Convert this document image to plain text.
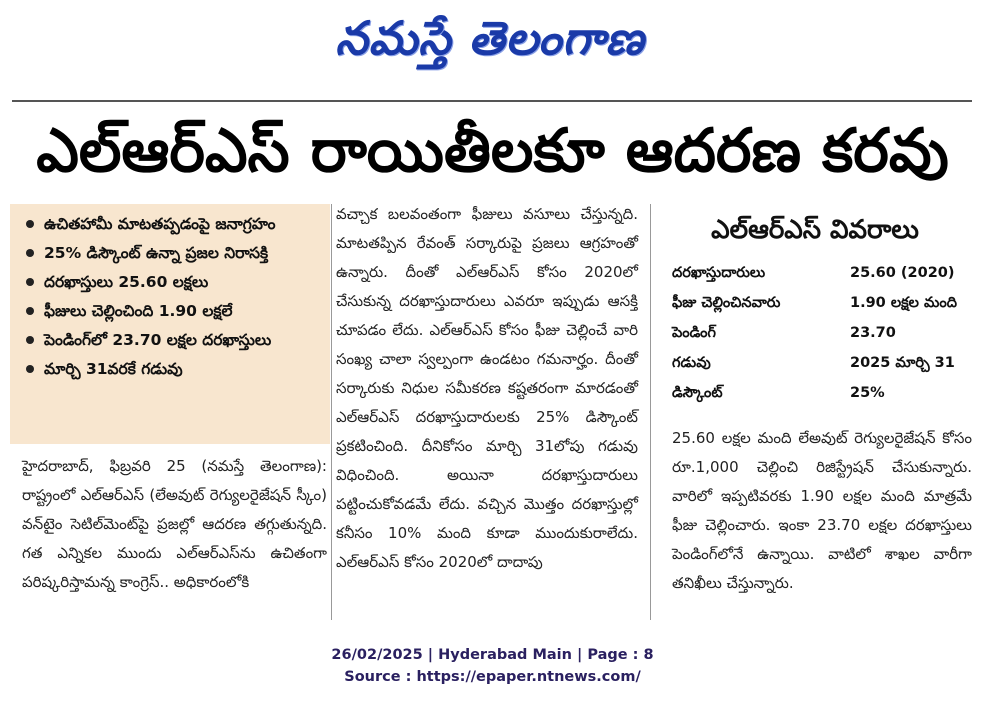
నమస్తే తెలంగాణ
ఎల్‌ఆర్‌ఎస్ రాయితీలకూ ఆదరణ కరవు
ఉచితహామీ మాటతప్పడంపై జనాగ్రహం
25% డిస్కౌంట్ ఉన్నా ప్రజల నిరాసక్తి
దరఖాస్తులు 25.60 లక్షలు
ఫీజులు చెల్లించింది 1.90 లక్షలే
పెండింగ్‌లో 23.70 లక్షల దరఖాస్తులు
మార్చి 31వరకే గడువు

హైదరాబాద్, ఫిబ్రవరి 25 (నమస్తే తెలంగాణ): రాష్ట్రంలో ఎల్‌ఆర్‌ఎస్ (లేఅవుట్ రెగ్యులరైజేషన్ స్కీం) వన్‌టైం సెటిల్‌మెంట్‌పై ప్రజల్లో ఆదరణ తగ్గుతున్నది. గత ఎన్నికల ముందు ఎల్‌ఆర్‌ఎస్‌ను ఉచితంగా పరిష్కరిస్తామన్న కాంగ్రెస్.. అధికారంలోకి

వచ్చాక బలవంతంగా ఫీజులు వసూలు చేస్తున్నది. మాటతప్పిన రేవంత్ సర్కారుపై ప్రజలు ఆగ్రహంతో ఉన్నారు. దీంతో ఎల్‌ఆర్‌ఎస్ కోసం 2020లో చేసుకున్న దరఖాస్తుదారులు ఎవరూ ఇప్పుడు ఆసక్తి చూపడం లేదు. ఎల్‌ఆర్‌ఎస్ కోసం ఫీజు చెల్లించే వారి సంఖ్య చాలా స్వల్పంగా ఉండటం గమనార్హం. దీంతో సర్కారుకు నిధుల సమీకరణ కష్టతరంగా మారడంతో ఎల్‌ఆర్‌ఎస్ దరఖాస్తుదారులకు 25% డిస్కౌంట్ ప్రకటించింది. దీనికోసం మార్చి 31లోపు గడువు విధించింది. అయినా దరఖాస్తుదారులు పట్టించుకోవడమే లేదు. వచ్చిన మొత్తం దరఖాస్తుల్లో కనీసం 10% మంది కూడా ముందుకురాలేదు. ఎల్‌ఆర్‌ఎస్ కోసం 2020లో దాదాపు

ఎల్‌ఆర్‌ఎస్ వివరాలు
దరఖాస్తుదారులు	25.60 (2020)
ఫీజు చెల్లించినవారు	1.90 లక్షల మంది
పెండింగ్	23.70
గడువు	2025 మార్చి 31
డిస్కౌంట్	25%

25.60 లక్షల మంది లేఅవుట్ రెగ్యులరైజేషన్ కోసం రూ.1,000 చెల్లించి రిజిస్ట్రేషన్ చేసుకున్నారు. వారిలో ఇప్పటివరకు 1.90 లక్షల మంది మాత్రమే ఫీజు చెల్లించారు. ఇంకా 23.70 లక్షల దరఖాస్తులు పెండింగ్‌లోనే ఉన్నాయి. వాటిలో శాఖల వారీగా తనిఖీలు చేస్తున్నారు.

26/02/2025 | Hyderabad Main | Page : 8
Source : https://epaper.ntnews.com/
